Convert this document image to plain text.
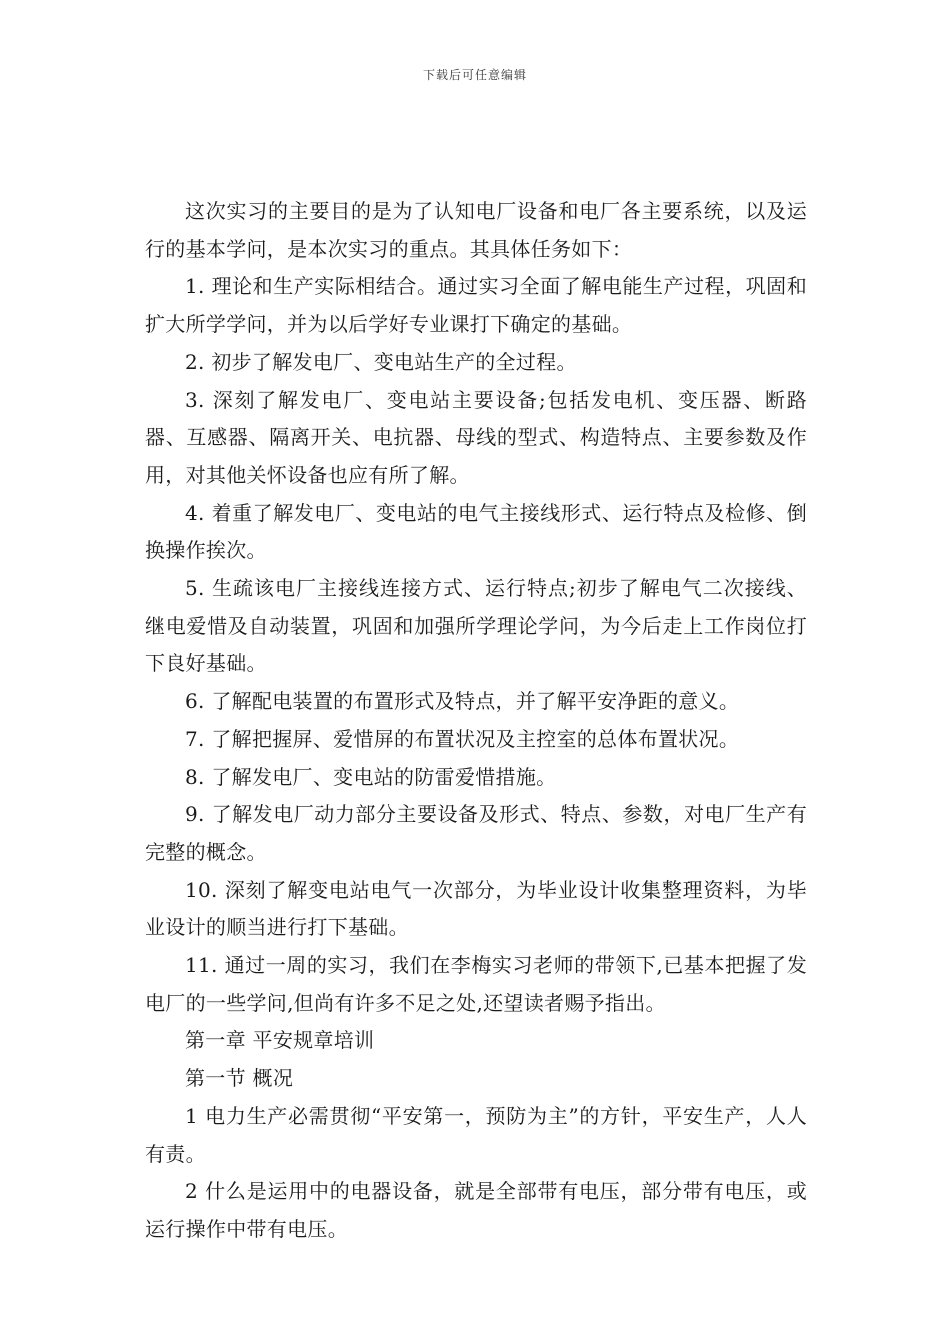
下载后可任意编辑

这次实习的主要目的是为了认知电厂设备和电厂各主要系统，以及运行的基本学问，是本次实习的重点。其具体任务如下：

1. 理论和生产实际相结合。通过实习全面了解电能生产过程，巩固和扩大所学学问，并为以后学好专业课打下确定的基础。

2. 初步了解发电厂、变电站生产的全过程。

3. 深刻了解发电厂、变电站主要设备;包括发电机、变压器、断路器、互感器、隔离开关、电抗器、母线的型式、构造特点、主要参数及作用，对其他关怀设备也应有所了解。

4. 着重了解发电厂、变电站的电气主接线形式、运行特点及检修、倒换操作挨次。

5. 生疏该电厂主接线连接方式、运行特点;初步了解电气二次接线、继电爱惜及自动装置，巩固和加强所学理论学问，为今后走上工作岗位打下良好基础。

6. 了解配电装置的布置形式及特点，并了解平安净距的意义。

7. 了解把握屏、爱惜屏的布置状况及主控室的总体布置状况。

8. 了解发电厂、变电站的防雷爱惜措施。

9. 了解发电厂动力部分主要设备及形式、特点、参数，对电厂生产有完整的概念。

10. 深刻了解变电站电气一次部分，为毕业设计收集整理资料，为毕业设计的顺当进行打下基础。

11. 通过一周的实习，我们在李梅实习老师的带领下,已基本把握了发电厂的一些学问,但尚有许多不足之处,还望读者赐予指出。

第一章 平安规章培训

第一节 概况

1 电力生产必需贯彻“平安第一，预防为主”的方针，平安生产，人人有责。

2 什么是运用中的电器设备，就是全部带有电压，部分带有电压，或运行操作中带有电压。
